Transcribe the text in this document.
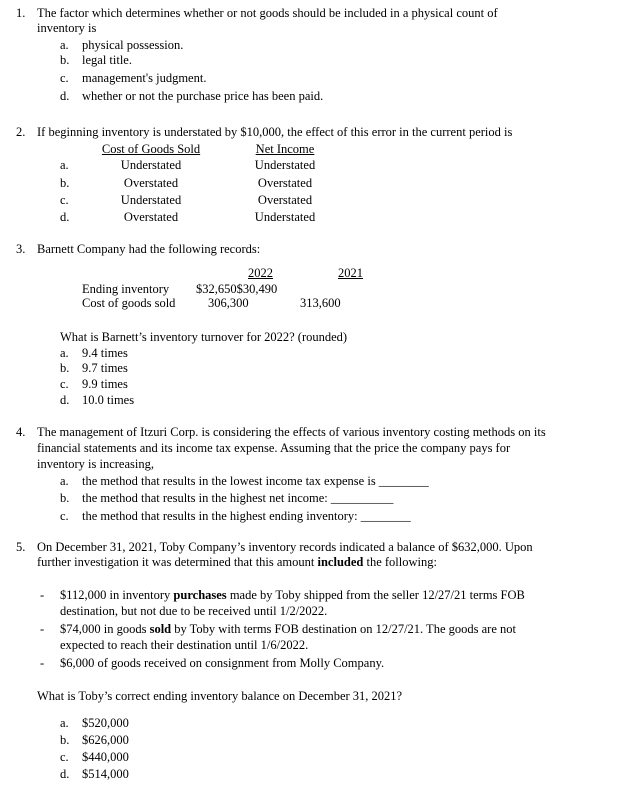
1. The factor which determines whether or not goods should be included in a physical count of
inventory is
a. physical possession.
b. legal title.
c. management's judgment.
d. whether or not the purchase price has been paid.
2. If beginning inventory is understated by $10,000, the effect of this error in the current period is
Cost of Goods Sold	Net Income
a.	Understated	Understated
b.	Overstated	Overstated
c.	Understated	Overstated
d.	Overstated	Understated
3. Barnett Company had the following records:
2022	2021
Ending inventory $32,650$30,490
Cost of goods sold	306,300	313,600
What is Barnett’s inventory turnover for 2022? (rounded)
a. 9.4 times
b. 9.7 times
c. 9.9 times
d. 10.0 times
4. The management of Itzuri Corp. is considering the effects of various inventory costing methods on its
financial statements and its income tax expense. Assuming that the price the company pays for
inventory is increasing,
a. the method that results in the lowest income tax expense is ________
b. the method that results in the highest net income: __________
c. the method that results in the highest ending inventory: ________
5. On December 31, 2021, Toby Company’s inventory records indicated a balance of $632,000. Upon
further investigation it was determined that this amount included the following:
- $112,000 in inventory purchases made by Toby shipped from the seller 12/27/21 terms FOB
destination, but not due to be received until 1/2/2022.
- $74,000 in goods sold by Toby with terms FOB destination on 12/27/21. The goods are not
expected to reach their destination until 1/6/2022.
- $6,000 of goods received on consignment from Molly Company.
What is Toby’s correct ending inventory balance on December 31, 2021?
a. $520,000
b. $626,000
c. $440,000
d. $514,000
